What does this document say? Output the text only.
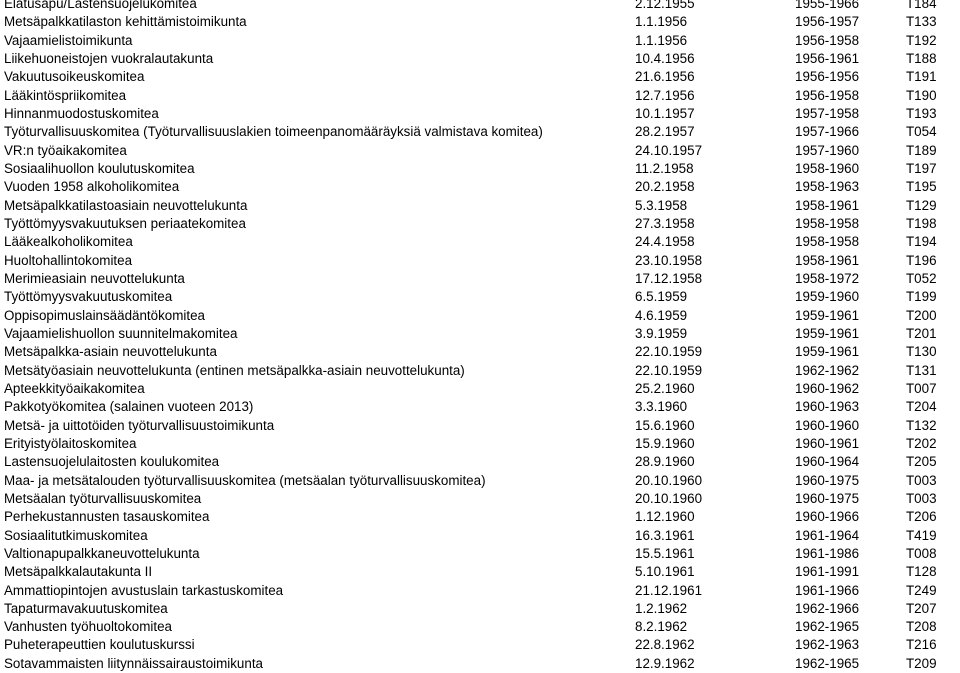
Elatusapu/Lastensuojelukomitea	2.12.1955	1955-1966	T184
Metsäpalkkatilaston kehittämistoimikunta	1.1.1956	1956-1957	T133
Vajaamielistoimikunta	1.1.1956	1956-1958	T192
Liikehuoneistojen vuokralautakunta	10.4.1956	1956-1961	T188
Vakuutusoikeuskomitea	21.6.1956	1956-1956	T191
Lääkintöspriikomitea	12.7.1956	1956-1958	T190
Hinnanmuodostuskomitea	10.1.1957	1957-1958	T193
Työturvallisuuskomitea (Työturvallisuuslakien toimeenpanomääräyksiä valmistava komitea)	28.2.1957	1957-1966	T054
VR:n työaikakomitea	24.10.1957	1957-1960	T189
Sosiaalihuollon koulutuskomitea	11.2.1958	1958-1960	T197
Vuoden 1958 alkoholikomitea	20.2.1958	1958-1963	T195
Metsäpalkkatilastoasiain neuvottelukunta	5.3.1958	1958-1961	T129
Työttömyysvakuutuksen periaatekomitea	27.3.1958	1958-1958	T198
Lääkealkoholikomitea	24.4.1958	1958-1958	T194
Huoltohallintokomitea	23.10.1958	1958-1961	T196
Merimieasiain neuvottelukunta	17.12.1958	1958-1972	T052
Työttömyysvakuutuskomitea	6.5.1959	1959-1960	T199
Oppisopimuslainsäädäntökomitea	4.6.1959	1959-1961	T200
Vajaamielishuollon suunnitelmakomitea	3.9.1959	1959-1961	T201
Metsäpalkka-asiain neuvottelukunta	22.10.1959	1959-1961	T130
Metsätyöasiain neuvottelukunta (entinen metsäpalkka-asiain neuvottelukunta)	22.10.1959	1962-1962	T131
Apteekkityöaikakomitea	25.2.1960	1960-1962	T007
Pakkotyökomitea (salainen vuoteen 2013)	3.3.1960	1960-1963	T204
Metsä- ja uittotöiden työturvallisuustoimikunta	15.6.1960	1960-1960	T132
Erityistyölaitoskomitea	15.9.1960	1960-1961	T202
Lastensuojelulaitosten koulukomitea	28.9.1960	1960-1964	T205
Maa- ja metsätalouden työturvallisuuskomitea (metsäalan työturvallisuuskomitea)	20.10.1960	1960-1975	T003
Metsäalan työturvallisuuskomitea	20.10.1960	1960-1975	T003
Perhekustannusten tasauskomitea	1.12.1960	1960-1966	T206
Sosiaalitutkimuskomitea	16.3.1961	1961-1964	T419
Valtionapupalkkaneuvottelukunta	15.5.1961	1961-1986	T008
Metsäpalkkalautakunta II	5.10.1961	1961-1991	T128
Ammattiopintojen avustuslain tarkastuskomitea	21.12.1961	1961-1966	T249
Tapaturmavakuutuskomitea	1.2.1962	1962-1966	T207
Vanhusten työhuoltokomitea	8.2.1962	1962-1965	T208
Puheterapeuttien koulutuskurssi	22.8.1962	1962-1963	T216
Sotavammaisten liitynnäissairaustoimikunta	12.9.1962	1962-1965	T209
